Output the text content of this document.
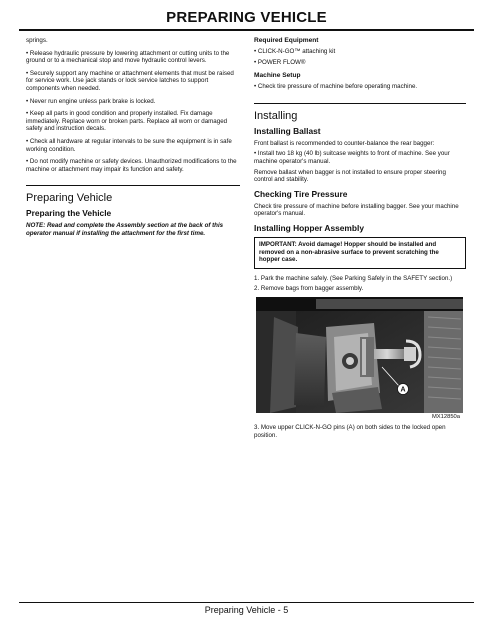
PREPARING VEHICLE

springs.

• Release hydraulic pressure by lowering attachment or cutting units to the ground or to a mechanical stop and move hydraulic control levers.

• Securely support any machine or attachment elements that must be raised for service work. Use jack stands or lock service latches to support components when needed.

• Never run engine unless park brake is locked.

• Keep all parts in good condition and properly installed. Fix damage immediately. Replace worn or broken parts. Replace all worn or damaged safety and instruction decals.

• Check all hardware at regular intervals to be sure the equipment is in safe working condition.

• Do not modify machine or safety devices. Unauthorized modifications to the machine or attachment may impair its function and safety.

Preparing Vehicle
Preparing the Vehicle

NOTE: Read and complete the Assembly section at the back of this operator manual if installing the attachment for the first time.

Required Equipment

• CLICK-N-GO™ attaching kit

• POWER FLOW®

Machine Setup

• Check tire pressure of machine before operating machine.

Installing
Installing Ballast

Front ballast is recommended to counter-balance the rear bagger:

• Install two 18 kg (40 lb) suitcase weights to front of machine. See your machine operator's manual.

Remove ballast when bagger is not installed to ensure proper steering control and stability.

Checking Tire Pressure

Check tire pressure of machine before installing bagger. See your machine operator's manual.

Installing Hopper Assembly
IMPORTANT: Avoid damage! Hopper should be installed and removed on a non-abrasive surface to prevent scratching the hopper case.

1. Park the machine safely. (See Parking Safely in the SAFETY section.)

2. Remove bags from bagger assembly.

A
MX12850a

3. Move upper CLICK-N-GO pins (A) on both sides to the locked open position.

Preparing Vehicle - 5
